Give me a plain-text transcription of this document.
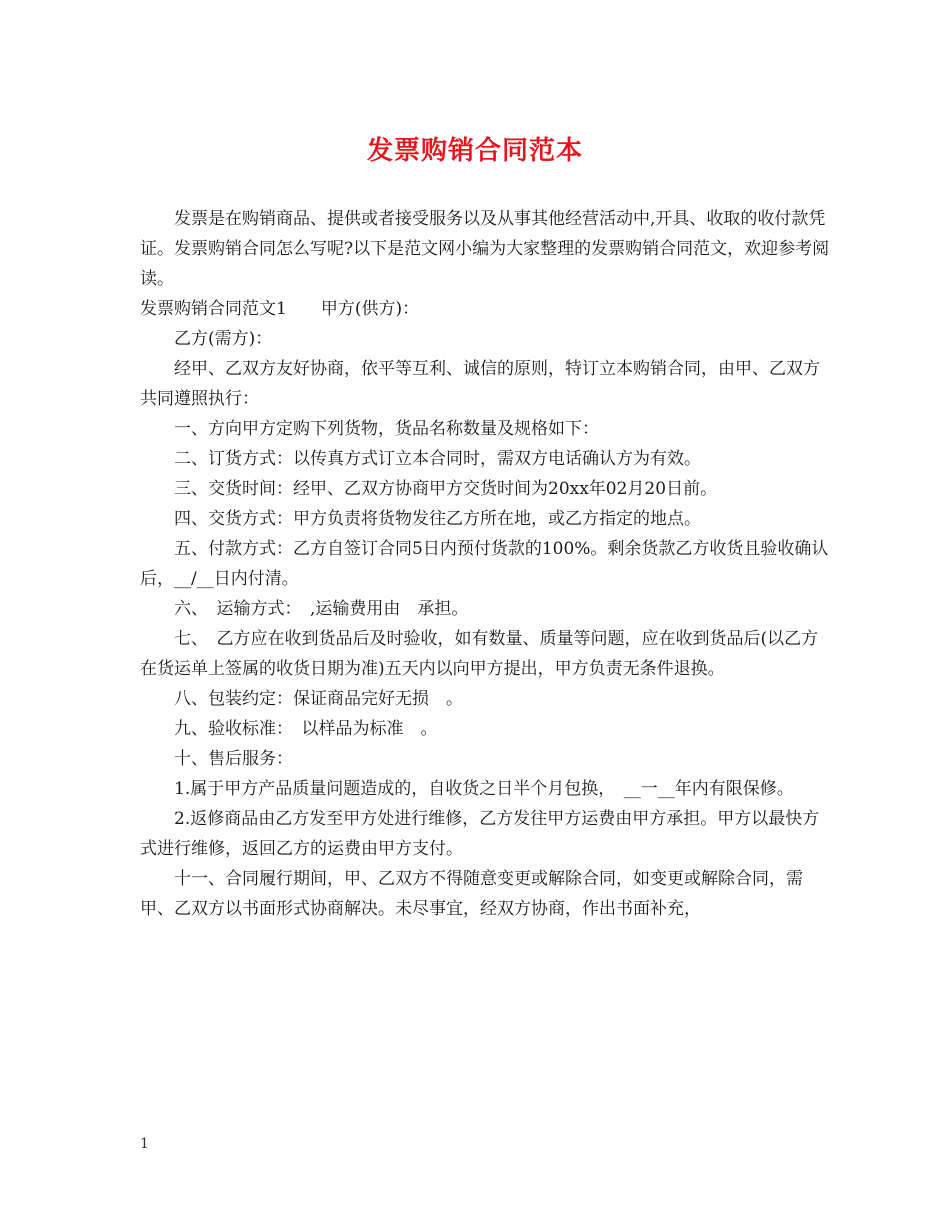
发票购销合同范本

发票是在购销商品、提供或者接受服务以及从事其他经营活动中,开具、收取的收付款凭证。发票购销合同怎么写呢?以下是范文网小编为大家整理的发票购销合同范文，欢迎参考阅读。

发票购销合同范文1　　甲方(供方)：

乙方(需方)：

经甲、乙双方友好协商，依平等互利、诚信的原则，特订立本购销合同，由甲、乙双方共同遵照执行：

一、方向甲方定购下列货物，货品名称数量及规格如下：

二、订货方式：以传真方式订立本合同时，需双方电话确认方为有效。

三、交货时间：经甲、乙双方协商甲方交货时间为20xx年02月20日前。

四、交货方式：甲方负责将货物发往乙方所在地，或乙方指定的地点。

五、付款方式：乙方自签订合同5日内预付货款的100%。剩余货款乙方收货且验收确认后，__/__日内付清。

六、　运输方式：　,运输费用由　承担。

七、　乙方应在收到货品后及时验收，如有数量、质量等问题，应在收到货品后(以乙方在货运单上签属的收货日期为准)五天内以向甲方提出，甲方负责无条件退换。

八、包装约定：保证商品完好无损　。

九、验收标准：　以样品为标准　。

十、售后服务：

1.属于甲方产品质量问题造成的，自收货之日半个月包换，　__一__年内有限保修。

2.返修商品由乙方发至甲方处进行维修，乙方发往甲方运费由甲方承担。甲方以最快方式进行维修，返回乙方的运费由甲方支付。

十一、合同履行期间，甲、乙双方不得随意变更或解除合同，如变更或解除合同，需甲、乙双方以书面形式协商解决。未尽事宜，经双方协商，作出书面补充，

1
